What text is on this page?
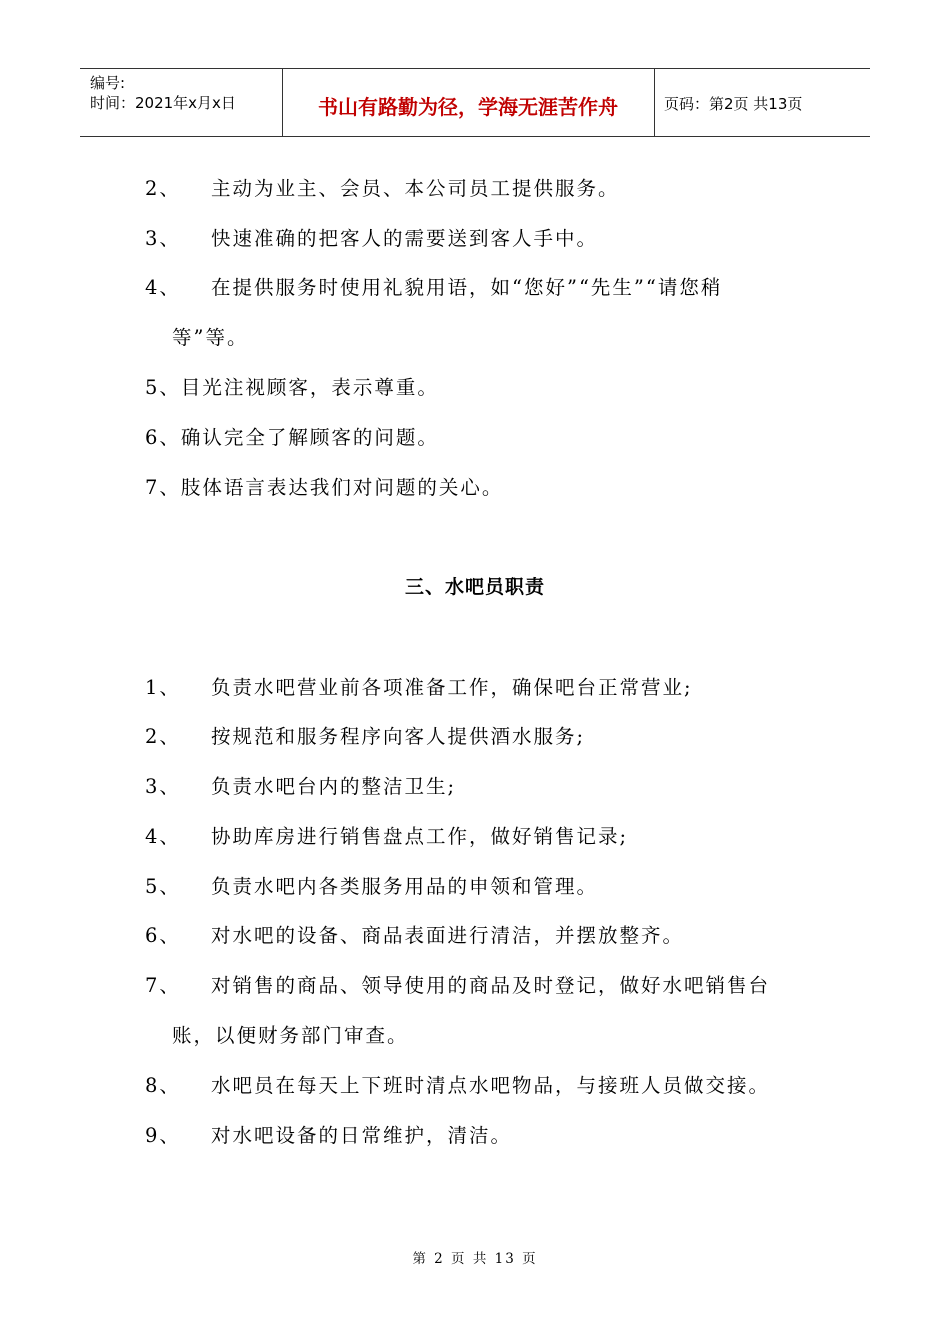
编号:
时间：2021年x月x日	书山有路勤为径，学海无涯苦作舟	页码：第2页 共13页
2、 主动为业主、会员、本公司员工提供服务。
3、 快速准确的把客人的需要送到客人手中。
4、 在提供服务时使用礼貌用语，如“您好”“先生”“请您稍
等”等。
5、目光注视顾客，表示尊重。
6、确认完全了解顾客的问题。
7、肢体语言表达我们对问题的关心。
三、水吧员职责
1、 负责水吧营业前各项准备工作，确保吧台正常营业;
2、 按规范和服务程序向客人提供酒水服务;
3、 负责水吧台内的整洁卫生;
4、 协助库房进行销售盘点工作，做好销售记录;
5、 负责水吧内各类服务用品的申领和管理。
6、 对水吧的设备、商品表面进行清洁，并摆放整齐。
7、 对销售的商品、领导使用的商品及时登记，做好水吧销售台
账，以便财务部门审查。
8、 水吧员在每天上下班时清点水吧物品，与接班人员做交接。
9、 对水吧设备的日常维护，清洁。
第 2 页 共 13 页
